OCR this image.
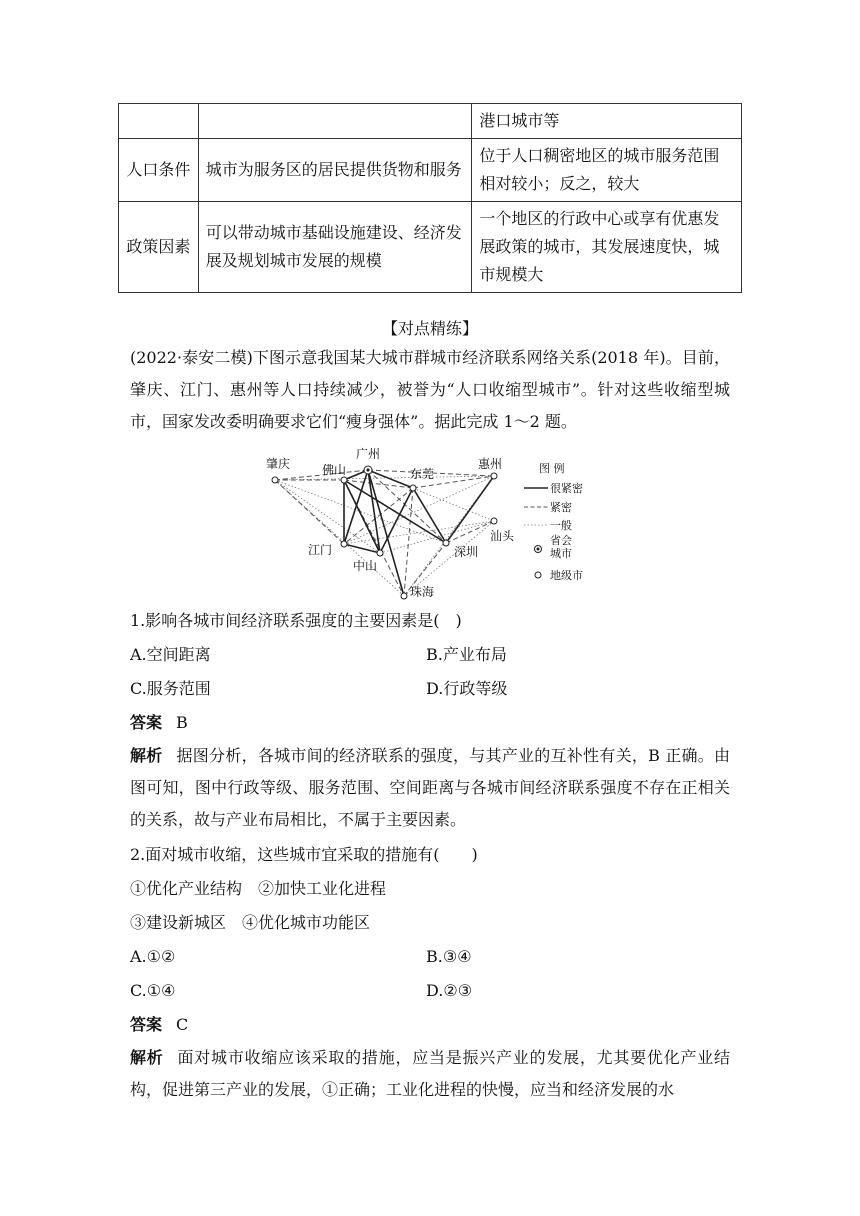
		港口城市等
人口条件	城市为服务区的居民提供货物和服务	位于人口稠密地区的城市服务范围相对较小；反之，较大
政策因素	可以带动城市基础设施建设、经济发展及规划城市发展的规模	一个地区的行政中心或享有优惠发展政策的城市，其发展速度快，城市规模大
【对点精练】
(2022·泰安二模)下图示意我国某大城市群城市经济联系网络关系(2018 年)。目前，肇庆、江门、惠州等人口持续减少，被誉为“人口收缩型城市”。针对这些收缩型城市，国家发改委明确要求它们“瘦身强体”。据此完成 1～2 题。
肇庆	佛山
广州
东莞
惠州
汕头
江门
中山
深圳
珠海
图 例
很紧密
紧密
一般
省会
城市
地级市
1.影响各城市间经济联系强度的主要因素是(　)
A.空间距离	B.产业布局
C.服务范围	D.行政等级
答案 B
解析 据图分析，各城市间的经济联系的强度，与其产业的互补性有关，B 正确。由图可知，图中行政等级、服务范围、空间距离与各城市间经济联系强度不存在正相关的关系，故与产业布局相比，不属于主要因素。
2.面对城市收缩，这些城市宜采取的措施有(　　)
①优化产业结构　②加快工业化进程
③建设新城区　④优化城市功能区
A.①②	B.③④
C.①④	D.②③
答案 C
解析 面对城市收缩应该采取的措施，应当是振兴产业的发展，尤其要优化产业结构，促进第三产业的发展，①正确；工业化进程的快慢，应当和经济发展的水
